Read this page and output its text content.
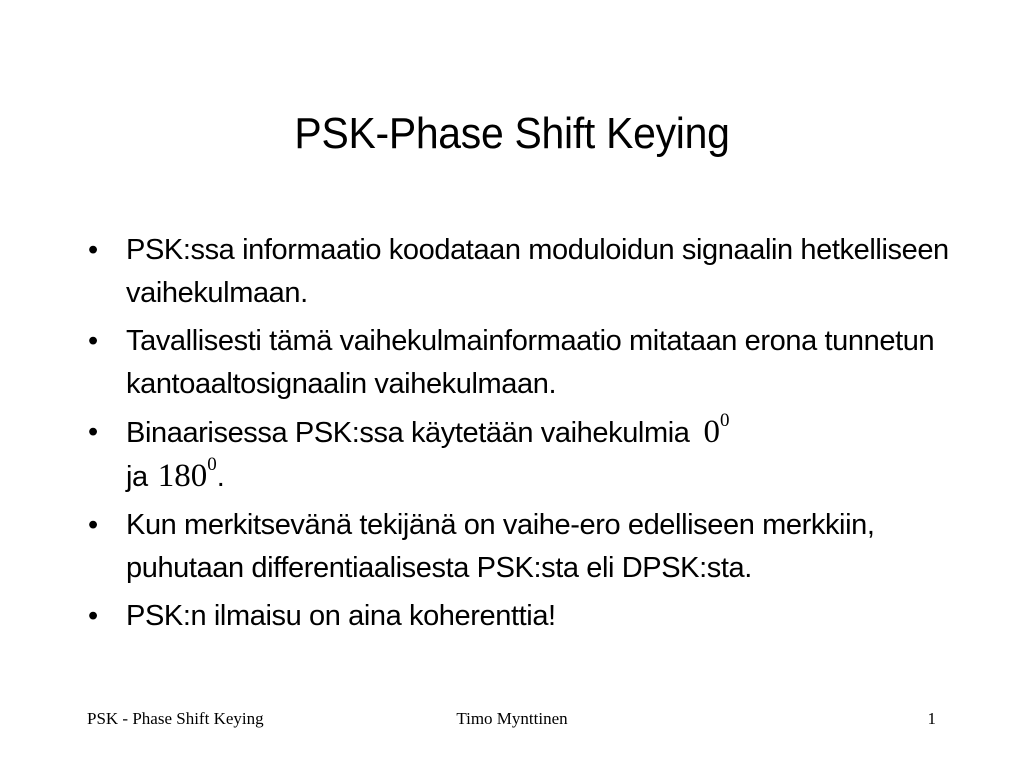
PSK-Phase Shift Keying
• PSK:ssa informaatio koodataan moduloidun signaalin hetkelliseen vaihekulmaan.
• Tavallisesti tämä vaihekulmainformaatio mitataan erona tunnetun kantoaaltosignaalin vaihekulmaan.
• Binaarisessa PSK:ssa käytetään vaihekulmia $0^0$
ja $180^0$.
• Kun merkitsevänä tekijänä on vaihe-ero edelliseen merkkiin, puhutaan differentiaalisesta PSK:sta eli DPSK:sta.
• PSK:n ilmaisu on aina koherenttia!
PSK - Phase Shift Keying	Timo Mynttinen	1
